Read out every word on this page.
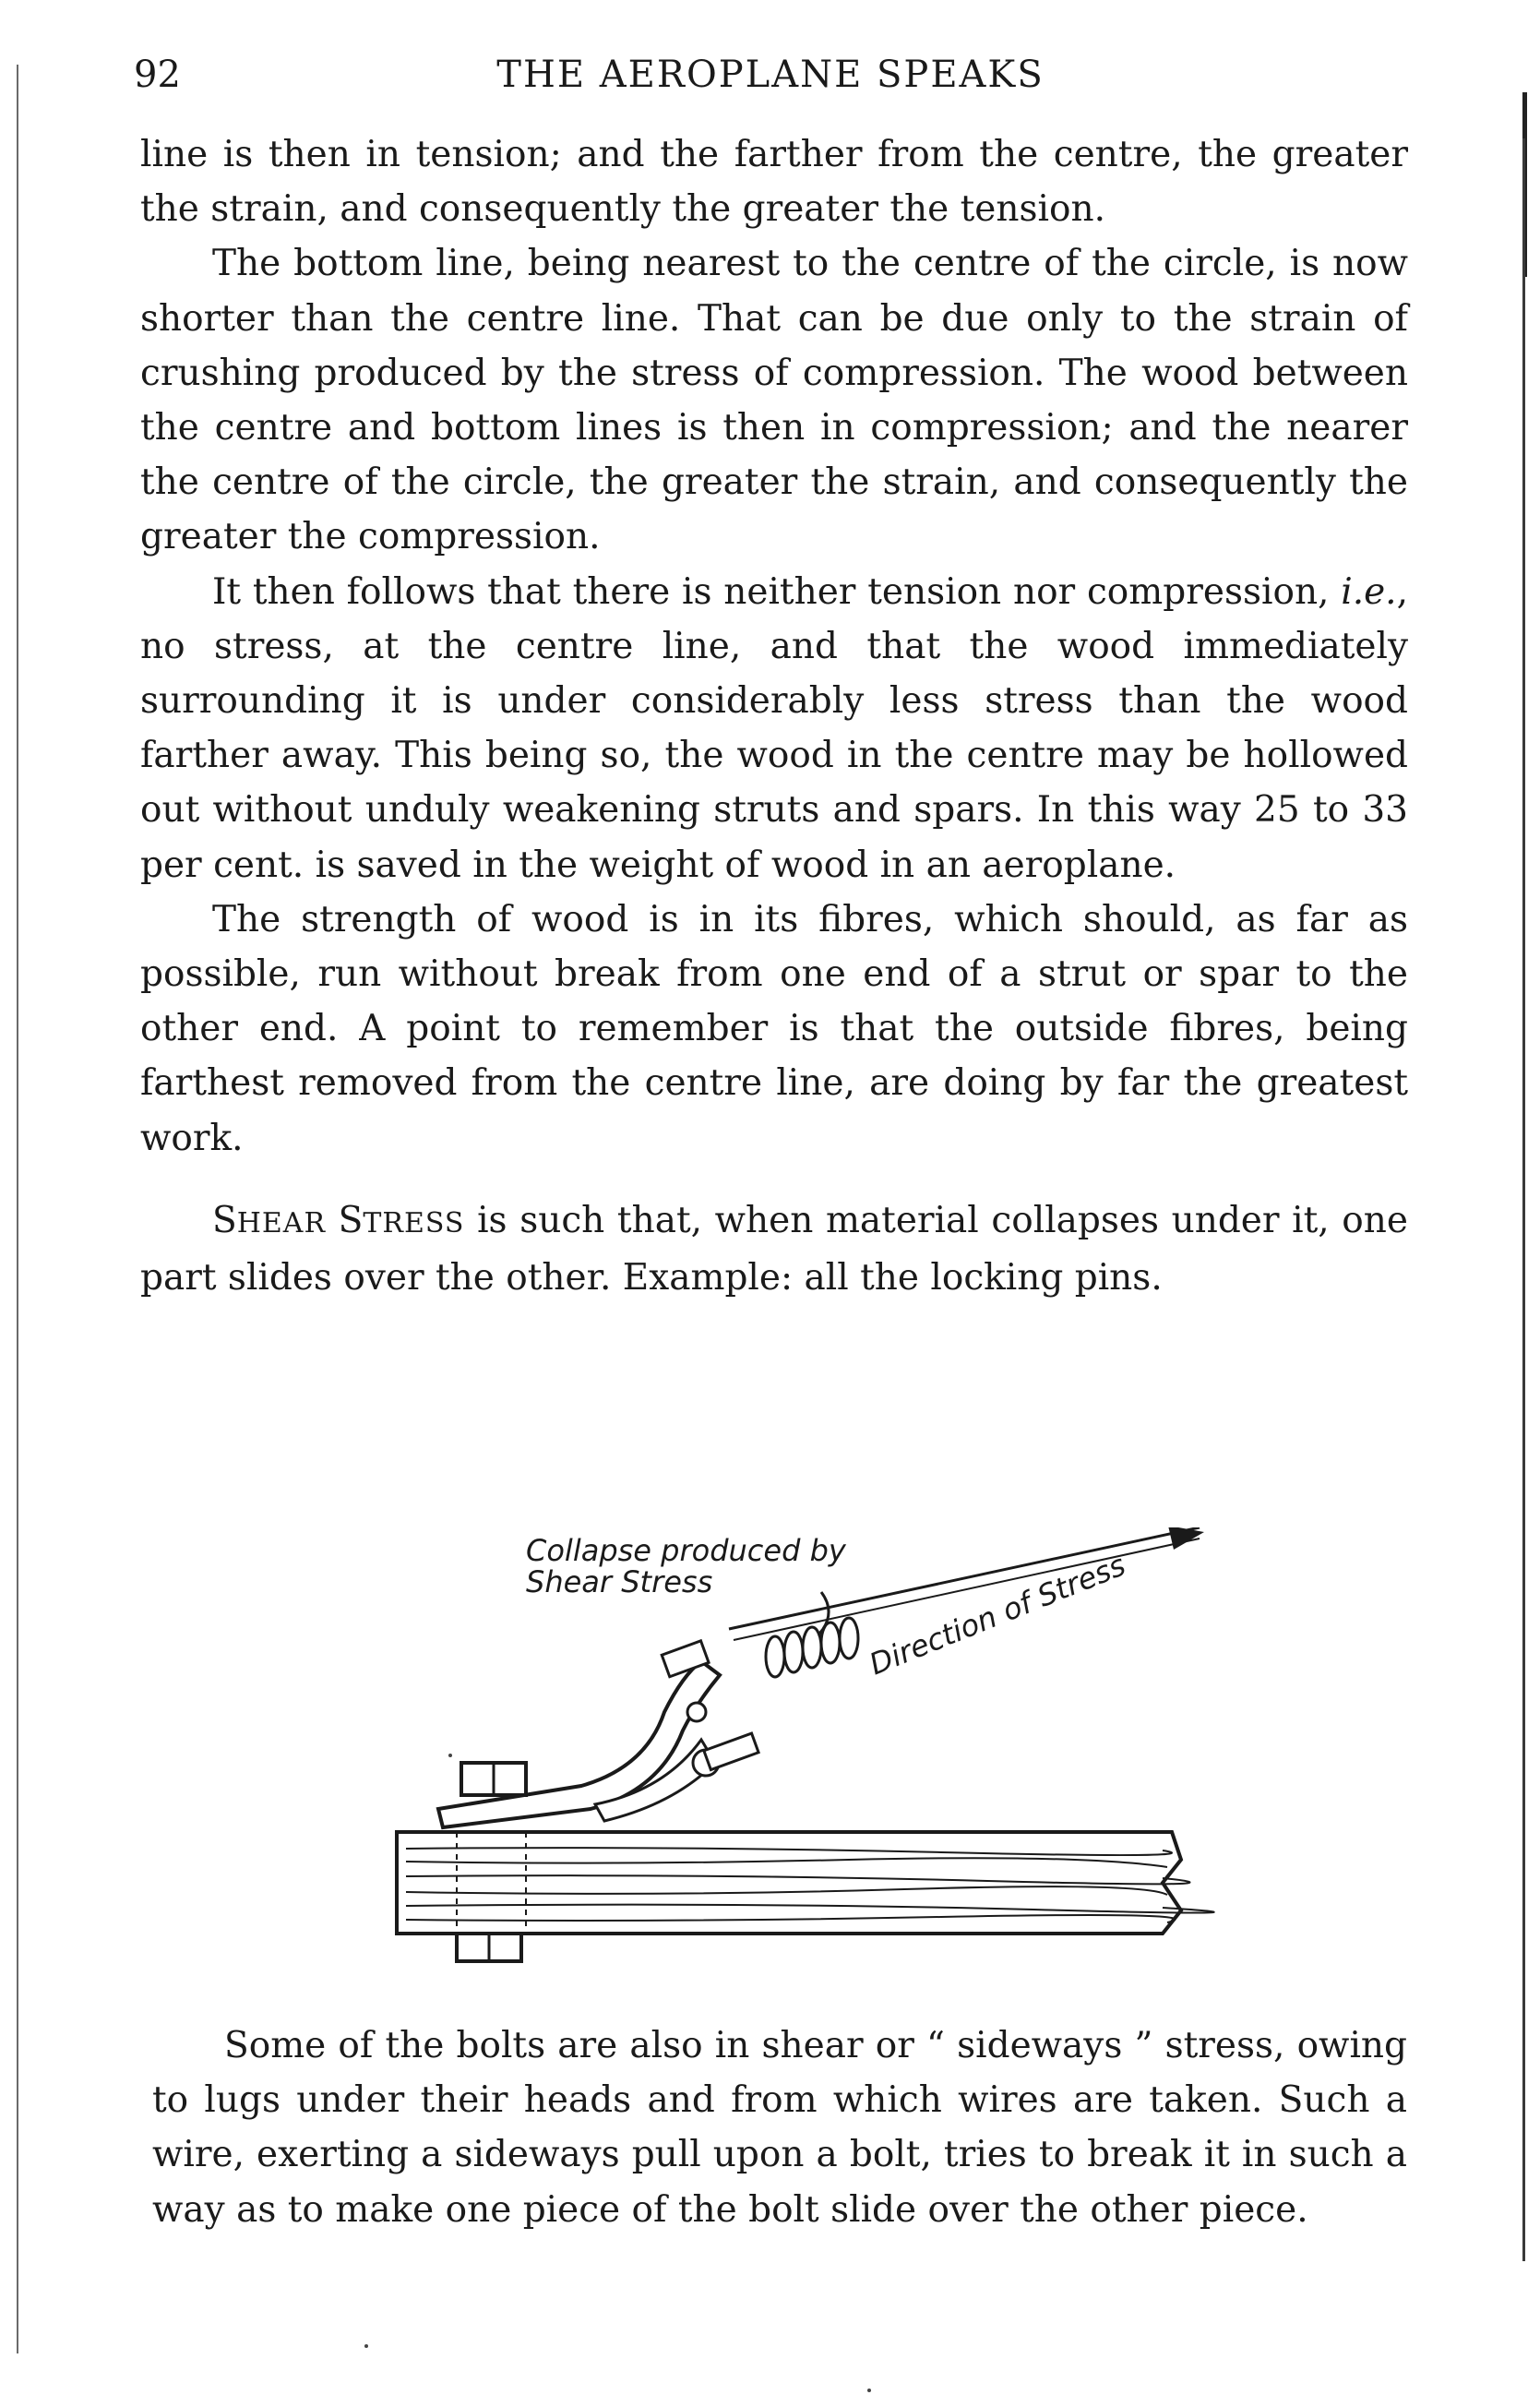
92	THE AEROPLANE SPEAKS

line is then in tension; and the farther from the centre, the greater the strain, and consequently the greater the tension.

The bottom line, being nearest to the centre of the circle, is now shorter than the centre line. That can be due only to the strain of crushing produced by the stress of compression. The wood between the centre and bottom lines is then in compression; and the nearer the centre of the circle, the greater the strain, and consequently the greater the compression.

It then follows that there is neither tension nor compression, i.e., no stress, at the centre line, and that the wood immediately surrounding it is under considerably less stress than the wood farther away. This being so, the wood in the centre may be hollowed out without unduly weakening struts and spars. In this way 25 to 33 per cent. is saved in the weight of wood in an aeroplane.

The strength of wood is in its fibres, which should, as far as possible, run without break from one end of a strut or spar to the other end. A point to remember is that the outside fibres, being farthest removed from the centre line, are doing by far the greatest work.

SHEAR STRESS is such that, when material collapses under it, one part slides over the other. Example: all the locking pins.

Collapse produced by
Shear Stress	Direction of Stress

Some of the bolts are also in shear or “ sideways ” stress, owing to lugs under their heads and from which wires are taken. Such a wire, exerting a sideways pull upon a bolt, tries to break it in such a way as to make one piece of the bolt slide over the other piece.
